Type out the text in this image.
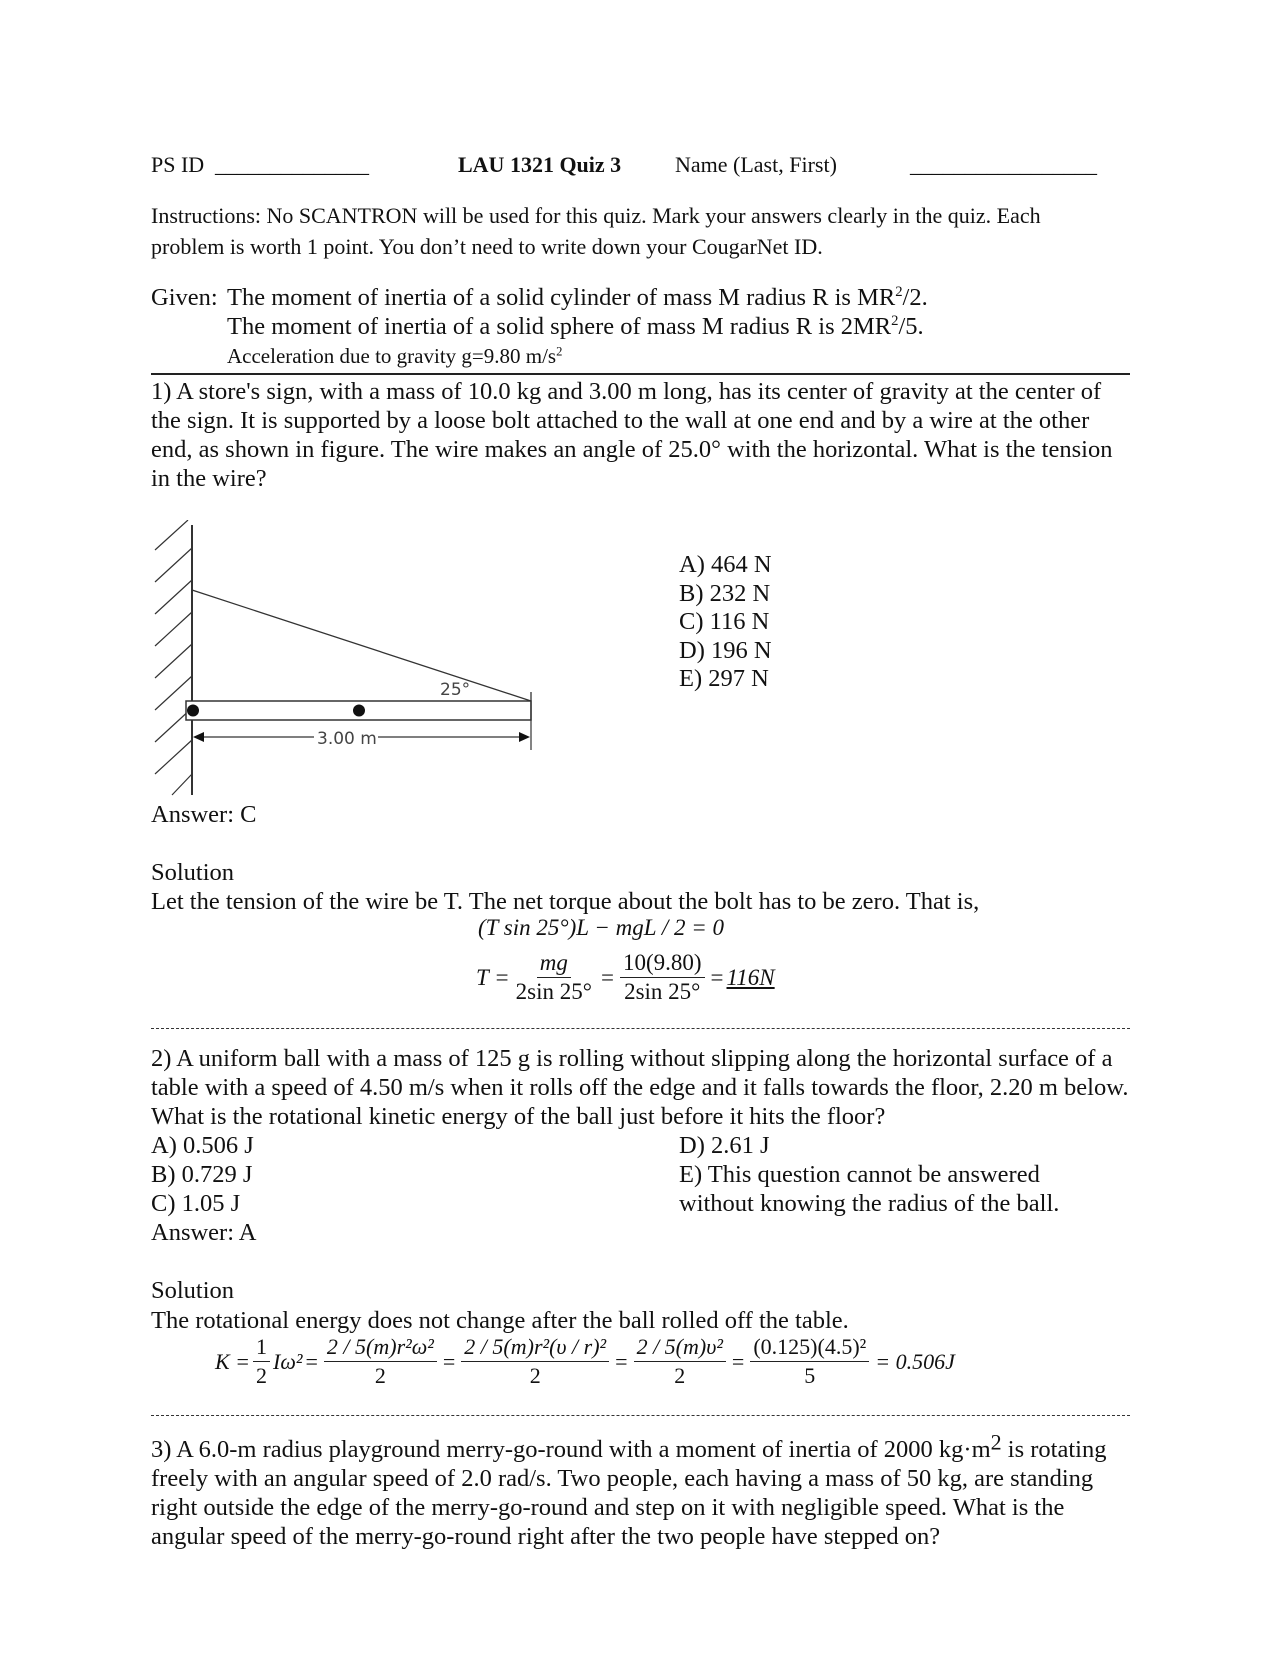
PS ID ______________	LAU 1321 Quiz 3 Name (Last, First)	_________________
Instructions: No SCANTRON will be used for this quiz. Mark your answers clearly in the quiz. Each
problem is worth 1 point. You don’t need to write down your CougarNet ID.
Given: The moment of inertia of a solid cylinder of mass M radius R is $MR^2/2$.
The moment of inertia of a solid sphere of mass M radius R is $2MR^2/5$.
Acceleration due to gravity g=9.80 $m/s^2$
1) A store's sign, with a mass of 10.0 kg and 3.00 m long, has its center of gravity at the center of the sign. It is supported by a loose bolt attached to the wall at one end and by a wire at the other end, as shown in figure. The wire makes an angle of 25.0° with the horizontal. What is the tension in the wire?
25°
3.00 m
A) 464 N
B) 232 N
C) 116 N
D) 196 N
E) 297 N
Answer: C
Solution
Let the tension of the wire be T. The net torque about the bolt has to be zero. That is,
(T sin 25°)L − mgL / 2 = 0
$T = \frac{mg}{2\sin 25^\circ} = \frac{10(9.80)}{2\sin 25^\circ} = 116N$
2) A uniform ball with a mass of 125 g is rolling without slipping along the horizontal surface of a table with a speed of 4.50 m/s when it rolls off the edge and it falls towards the floor, 2.20 m below. What is the rotational kinetic energy of the ball just before it hits the floor?
A) 0.506 J
B) 0.729 J
C) 1.05 J
Answer: A
D) 2.61 J
E) This question cannot be answered
without knowing the radius of the ball.
Solution
The rotational energy does not change after the ball rolled off the table.
$K = \frac{1}{2} I\omega^2 = \frac{\text{2 / 5(m)r²ω²}}{2} = \frac{\text{2 / 5(m)r²(υ / r)²}}{2} = \frac{\text{2 / 5(m)υ²}}{2} = \frac{\text{(0.125)(4.5)²}}{5} = 0.506J$
3) A 6.0-m radius playground merry-go-round with a moment of inertia of 2000 $kg\cdot m^2$ is rotating freely with an angular speed of 2.0 rad/s. Two people, each having a mass of 50 kg, are standing right outside the edge of the merry-go-round and step on it with negligible speed. What is the angular speed of the merry-go-round right after the two people have stepped on?
